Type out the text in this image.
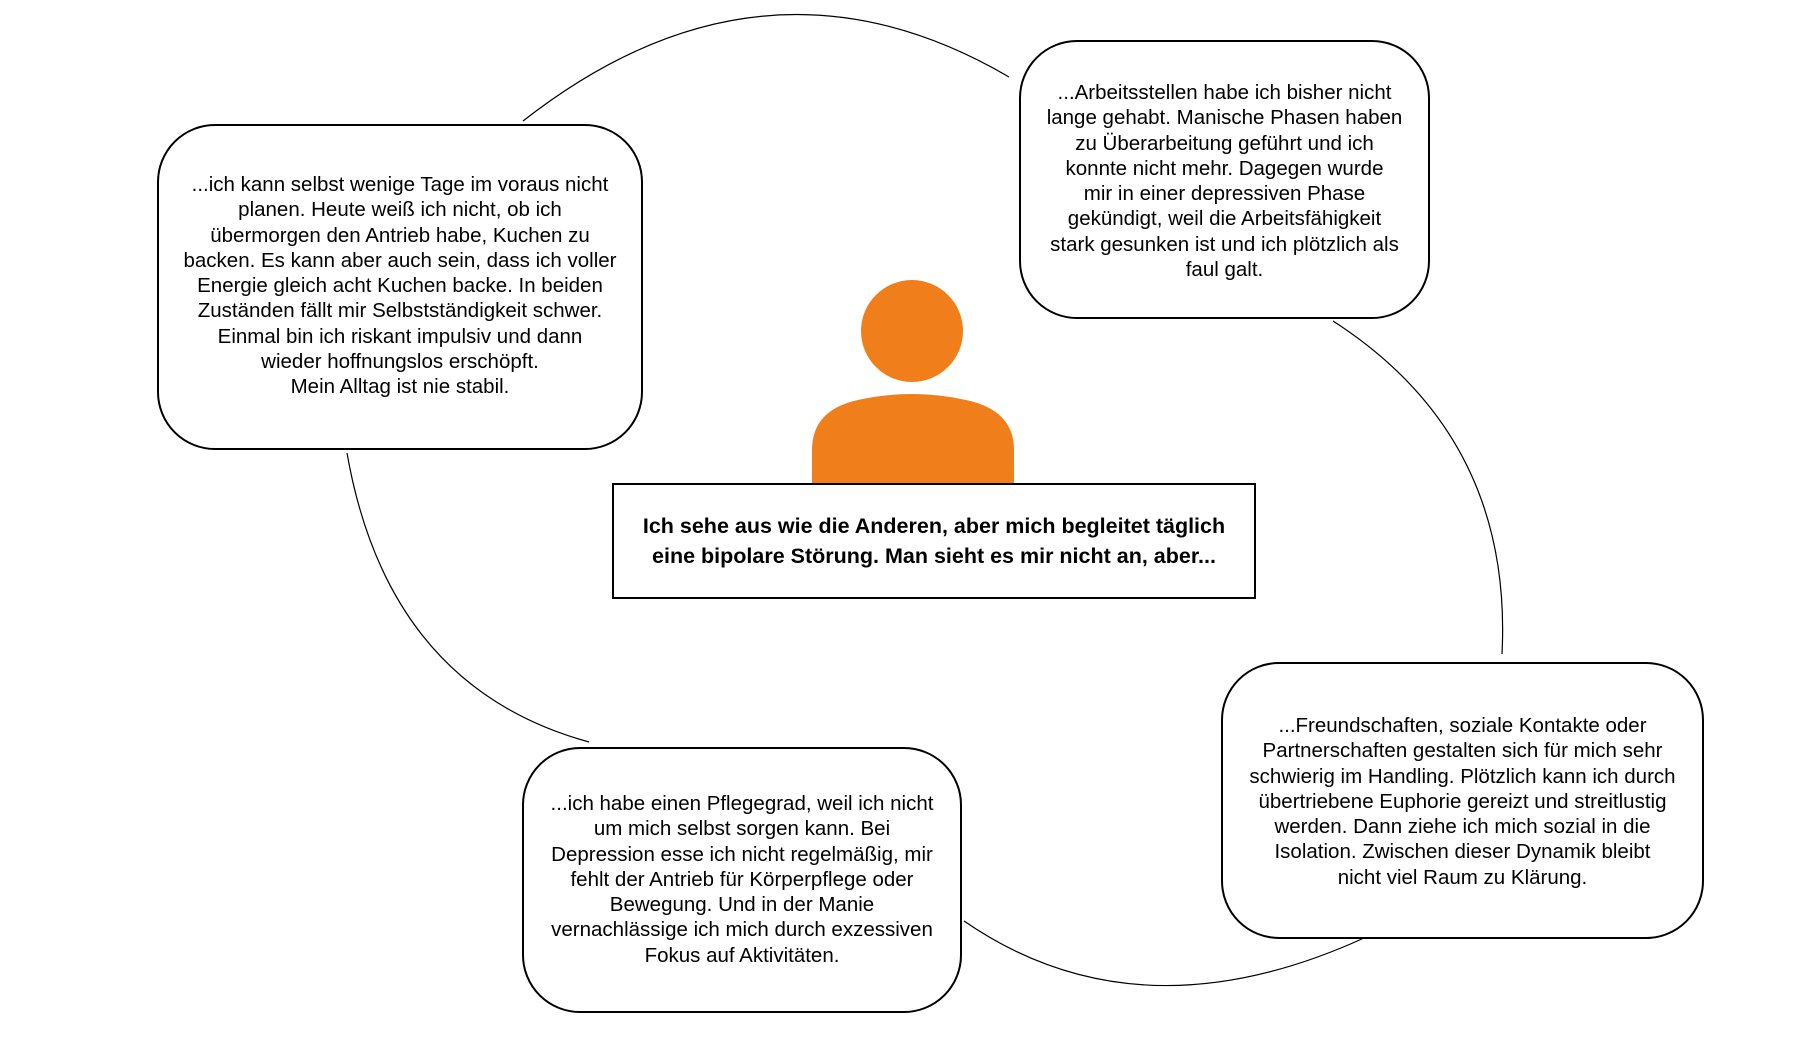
...ich kann selbst wenige Tage im voraus nicht
planen. Heute weiß ich nicht, ob ich
übermorgen den Antrieb habe, Kuchen zu
backen. Es kann aber auch sein, dass ich voller
Energie gleich acht Kuchen backe. In beiden
Zuständen fällt mir Selbstständigkeit schwer.
Einmal bin ich riskant impulsiv und dann
wieder hoffnungslos erschöpft.
Mein Alltag ist nie stabil.
...Arbeitsstellen habe ich bisher nicht
lange gehabt. Manische Phasen haben
zu Überarbeitung geführt und ich
konnte nicht mehr. Dagegen wurde
mir in einer depressiven Phase
gekündigt, weil die Arbeitsfähigkeit
stark gesunken ist und ich plötzlich als
faul galt.
Ich sehe aus wie die Anderen, aber mich begleitet täglich
eine bipolare Störung. Man sieht es mir nicht an, aber...
...ich habe einen Pflegegrad, weil ich nicht
um mich selbst sorgen kann. Bei
Depression esse ich nicht regelmäßig, mir
fehlt der Antrieb für Körperpflege oder
Bewegung. Und in der Manie
vernachlässige ich mich durch exzessiven
Fokus auf Aktivitäten.
...Freundschaften, soziale Kontakte oder
Partnerschaften gestalten sich für mich sehr
schwierig im Handling. Plötzlich kann ich durch
übertriebene Euphorie gereizt und streitlustig
werden. Dann ziehe ich mich sozial in die
Isolation. Zwischen dieser Dynamik bleibt
nicht viel Raum zu Klärung.
